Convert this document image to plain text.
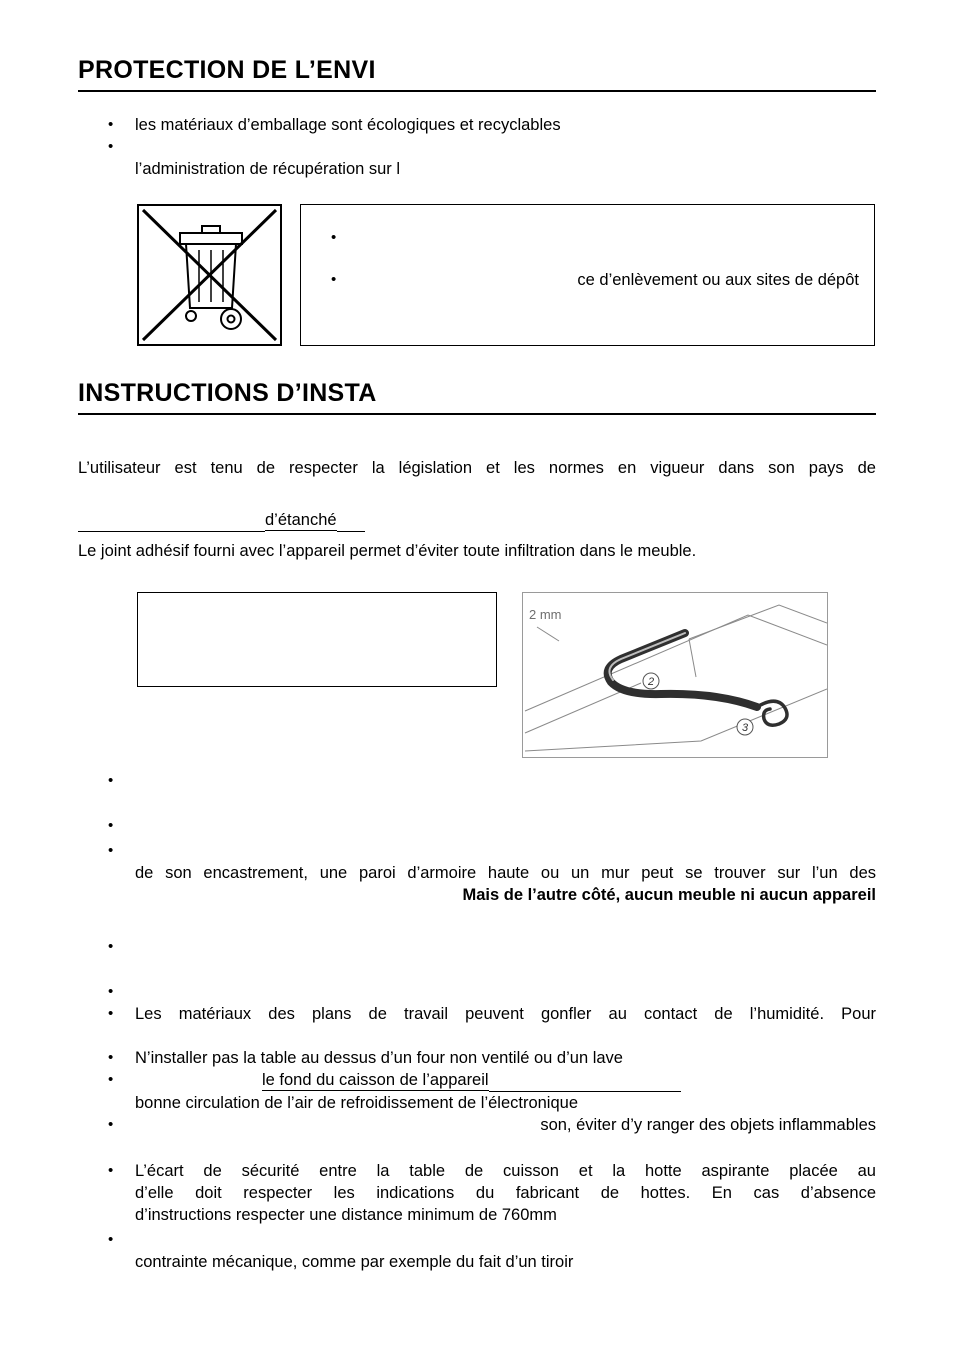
PROTECTION DE L’ENVI
•	les matériaux d’emballage sont écologiques et recyclables
•
l’administration de récupération sur l
•
•	ce d’enlèvement ou aux sites de dépôt
INSTRUCTIONS D’INSTA

L’utilisateur est tenu de respecter la législation et les normes en vigueur dans son pays de

d’étanché

Le joint adhésif fourni avec l’appareil permet d’éviter toute infiltration dans le meuble.

2
3
2 mm
•
•
•
de son encastrement, une paroi d’armoire haute ou un mur peut se trouver sur l’un des
Mais de l’autre côté, aucun meuble ni aucun appareil
•
•
•	Les matériaux des plans de travail peuvent gonfler au contact de l’humidité. Pour
•	N’installer pas la table au dessus d’un four non ventilé ou d’un lave
•	le fond du caisson de l’appareil
bonne circulation de l’air de refroidissement de l’électronique
•	son, éviter d’y ranger des objets inflammables
•	L’écart de sécurité entre la table de cuisson et la hotte aspirante placée au
d’elle doit respecter les indications du fabricant de hottes. En cas d’absence
d’instructions respecter une distance minimum de 760mm
•
contrainte mécanique, comme par exemple du fait d’un tiroir
